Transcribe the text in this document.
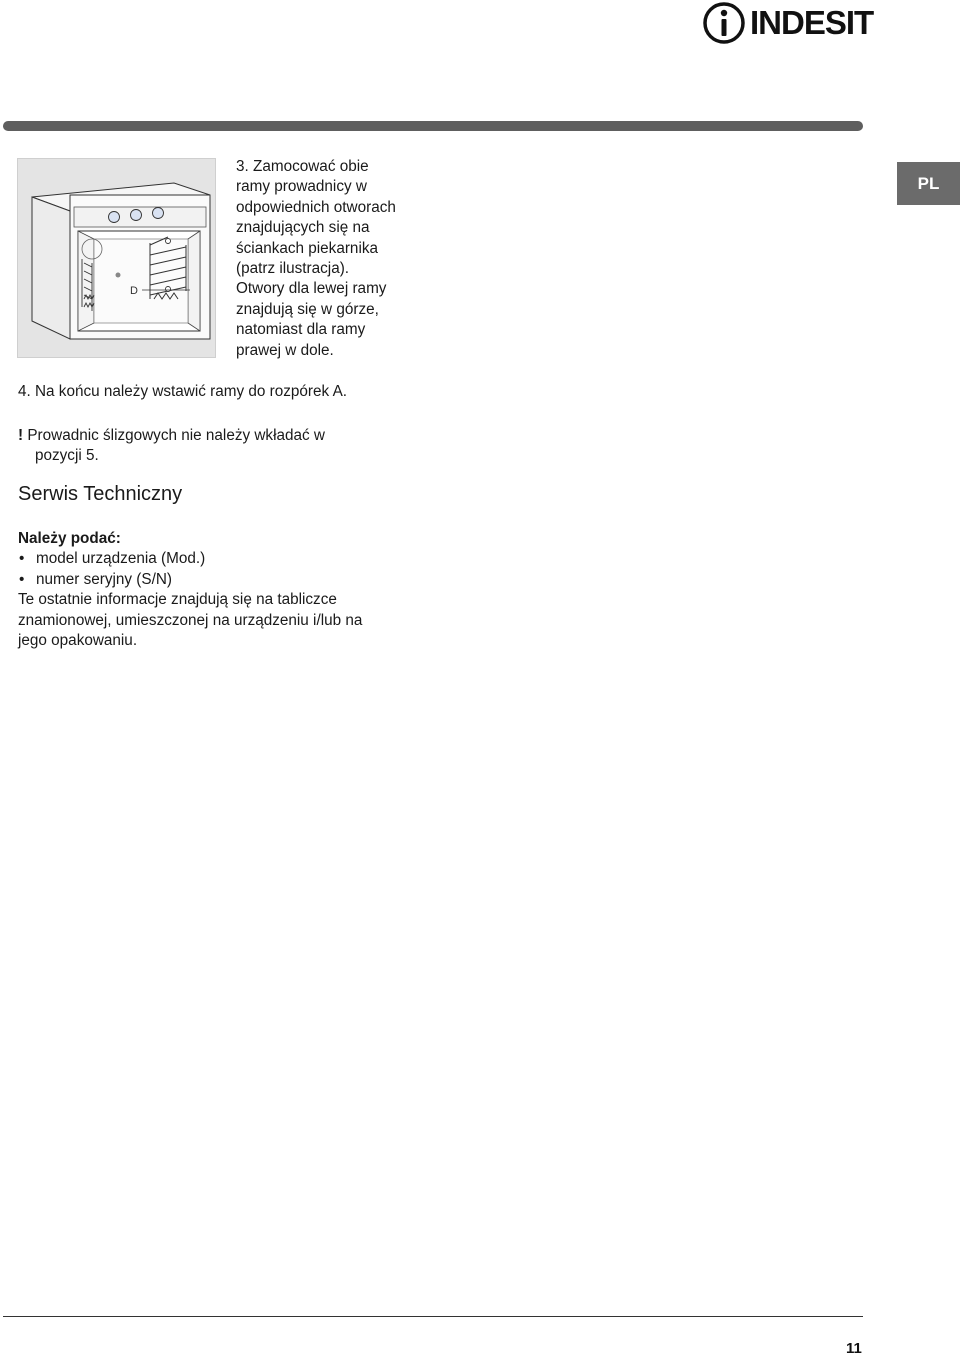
INDESIT
PL
D

3. Zamocować obie

ramy prowadnicy w

odpowiednich otworach

znajdujących się na

ściankach piekarnika

(patrz ilustracja).

Otwory dla lewej ramy

znajdują się w górze,

natomiast dla ramy

prawej w dole.

4. Na końcu należy wstawić ramy do rozpórek A.
! Prowadnic ślizgowych nie należy wkładać w
pozycji 5.
Serwis Techniczny
Należy podać:
• model urządzenia (Mod.)
• numer seryjny (S/N)
Te ostatnie informacje znajdują się na tabliczce
znamionowej, umieszczonej na urządzeniu i/lub na
jego opakowaniu.
11
